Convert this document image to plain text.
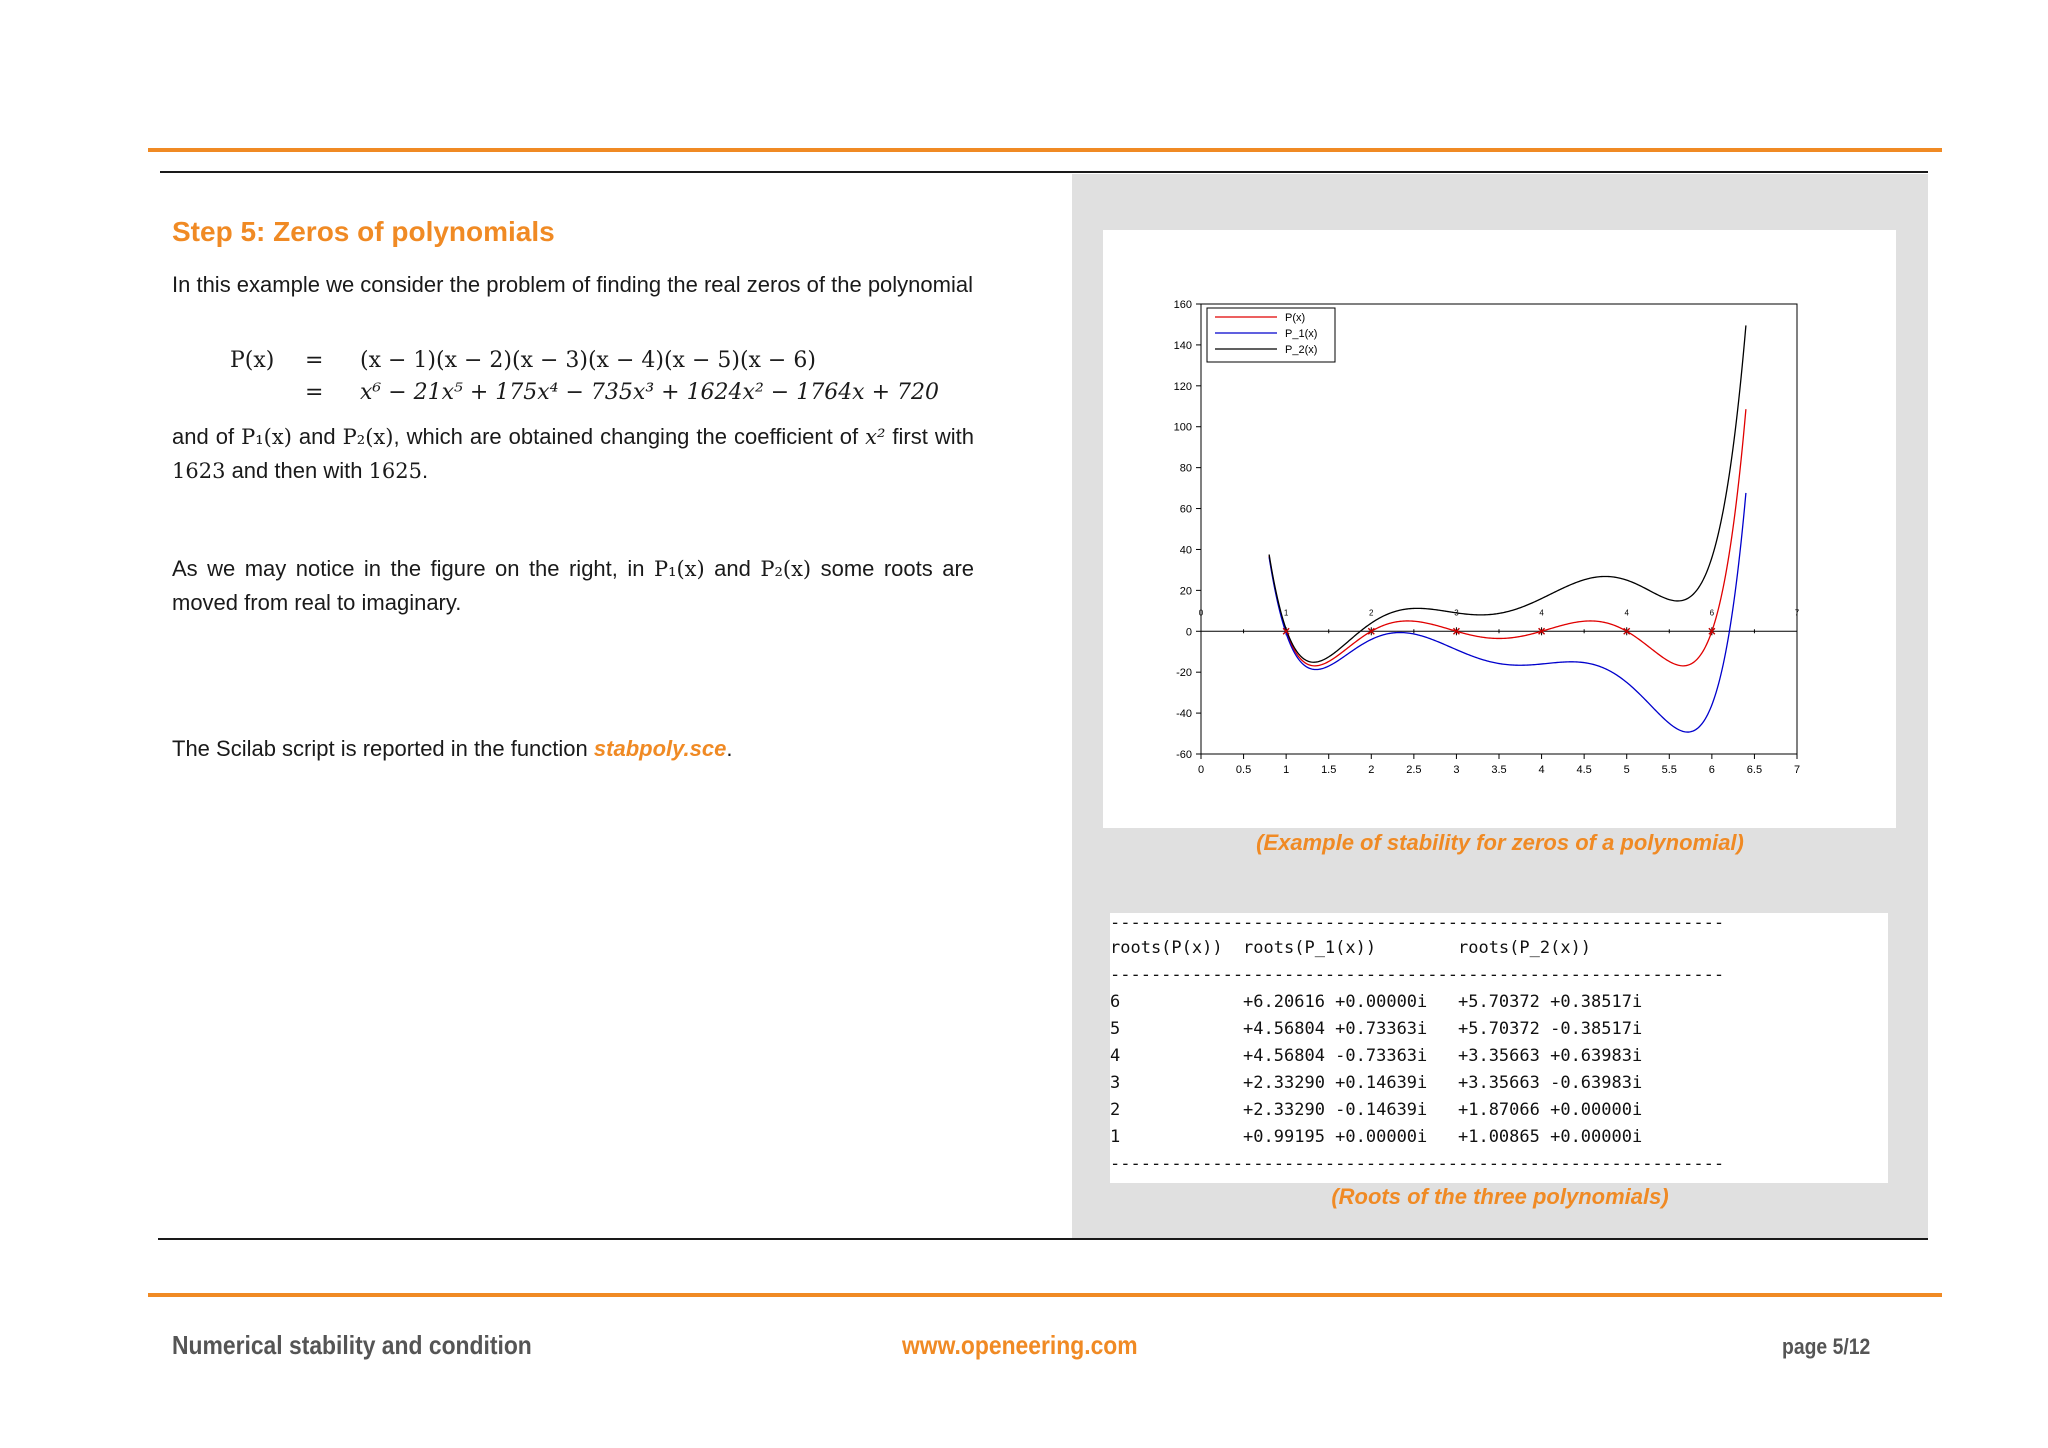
Step 5: Zeros of polynomials

In this example we consider the problem of finding the real zeros of the polynomial

P(x) = (x − 1)(x − 2)(x − 3)(x − 4)(x − 5)(x − 6)
= x⁶ − 21x⁵ + 175x⁴ − 735x³ + 1624x² − 1764x + 720

and of P₁(x) and P₂(x), which are obtained changing the coefficient of x² first with 1623 and then with 1625.

As we may notice in the figure on the right, in P₁(x) and P₂(x) some roots are moved from real to imaginary.

The Scilab script is reported in the function stabpoly.sce.	-60
-40
-20
0
20
40
60
80
100
120
140
160
0	0.5	1	1.5	2	2.5	3	3.5	4	4.5	5	5.5	6	6.5	7
0	1	2	3	4	4	6	7
P(x)
P_1(x)
P_2(x)
(Example of stability for zeros of a polynomial)
------------------------------------------------------------
roots(P(x))  roots(P_1(x))        roots(P_2(x))
------------------------------------------------------------
6            +6.20616 +0.00000i   +5.70372 +0.38517i
5            +4.56804 +0.73363i   +5.70372 -0.38517i
4            +4.56804 -0.73363i   +3.35663 +0.63983i
3            +2.33290 +0.14639i   +3.35663 -0.63983i
2            +2.33290 -0.14639i   +1.87066 +0.00000i
1            +0.99195 +0.00000i   +1.00865 +0.00000i
------------------------------------------------------------
(Roots of the three polynomials)
Numerical stability and condition	www.openeering.com	page 5/12
